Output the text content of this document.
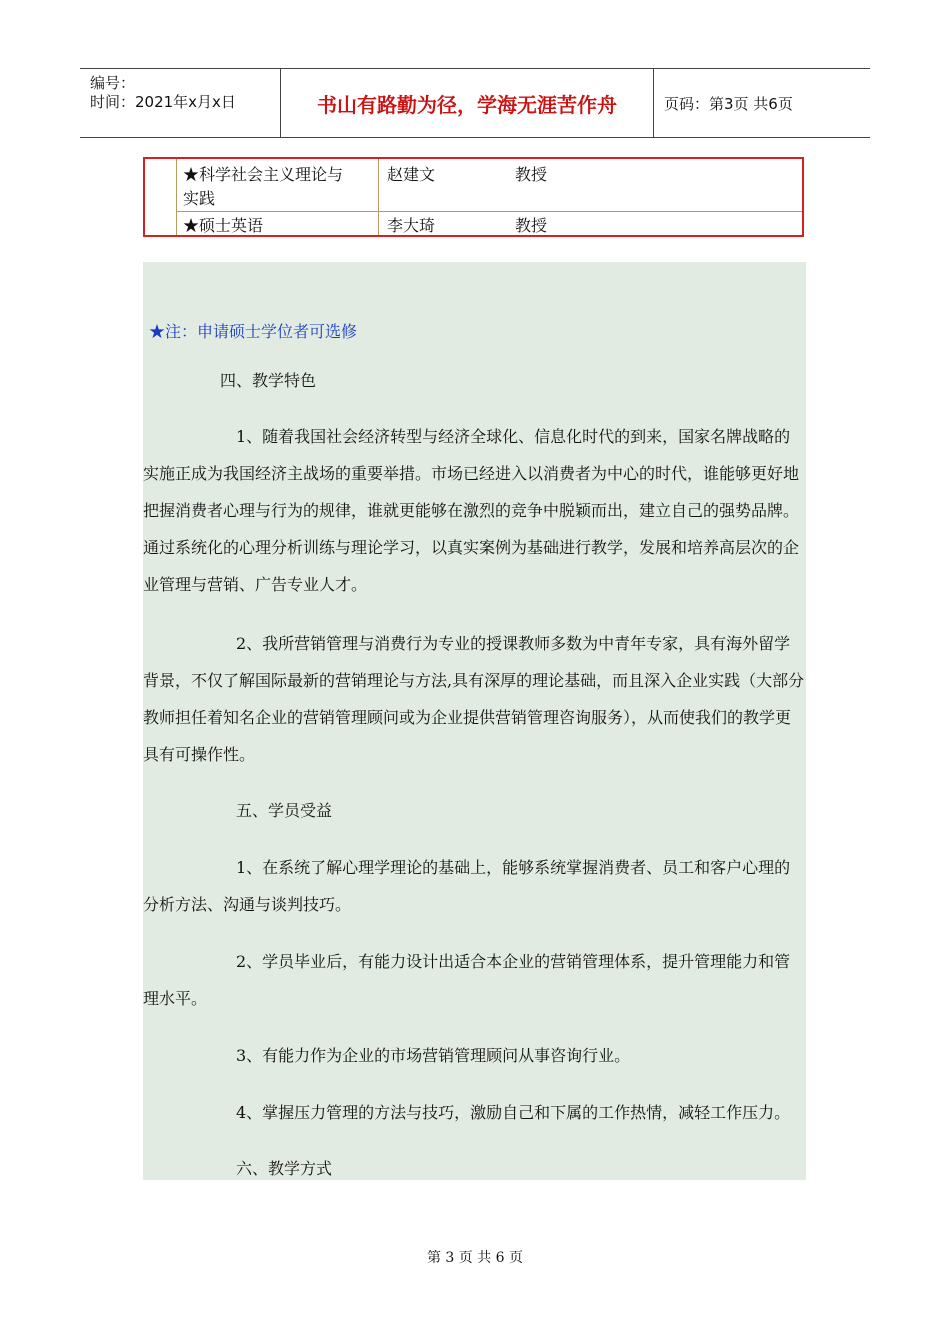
编号：
时间：2021年x月x日	书山有路勤为径，学海无涯苦作舟	页码：第3页 共6页
★科学社会主义理论与
实践
赵建文	教授
★硕士英语	李大琦	教授

★注：申请硕士学位者可选修

四、教学特色

1、随着我国社会经济转型与经济全球化、信息化时代的到来，国家名牌战略的实施正成为我国经济主战场的重要举措。市场已经进入以消费者为中心的时代，谁能够更好地把握消费者心理与行为的规律，谁就更能够在激烈的竞争中脱颖而出，建立自己的强势品牌。通过系统化的心理分析训练与理论学习，以真实案例为基础进行教学，发展和培养高层次的企业管理与营销、广告专业人才。

2、我所营销管理与消费行为专业的授课教师多数为中青年专家，具有海外留学背景，不仅了解国际最新的营销理论与方法,具有深厚的理论基础，而且深入企业实践（大部分教师担任着知名企业的营销管理顾问或为企业提供营销管理咨询服务），从而使我们的教学更具有可操作性。

五、学员受益

1、在系统了解心理学理论的基础上，能够系统掌握消费者、员工和客户心理的分析方法、沟通与谈判技巧。

2、学员毕业后，有能力设计出适合本企业的营销管理体系，提升管理能力和管理水平。

3、有能力作为企业的市场营销管理顾问从事咨询行业。

4、掌握压力管理的方法与技巧，激励自己和下属的工作热情，减轻工作压力。

六、教学方式

第 3 页 共 6 页
